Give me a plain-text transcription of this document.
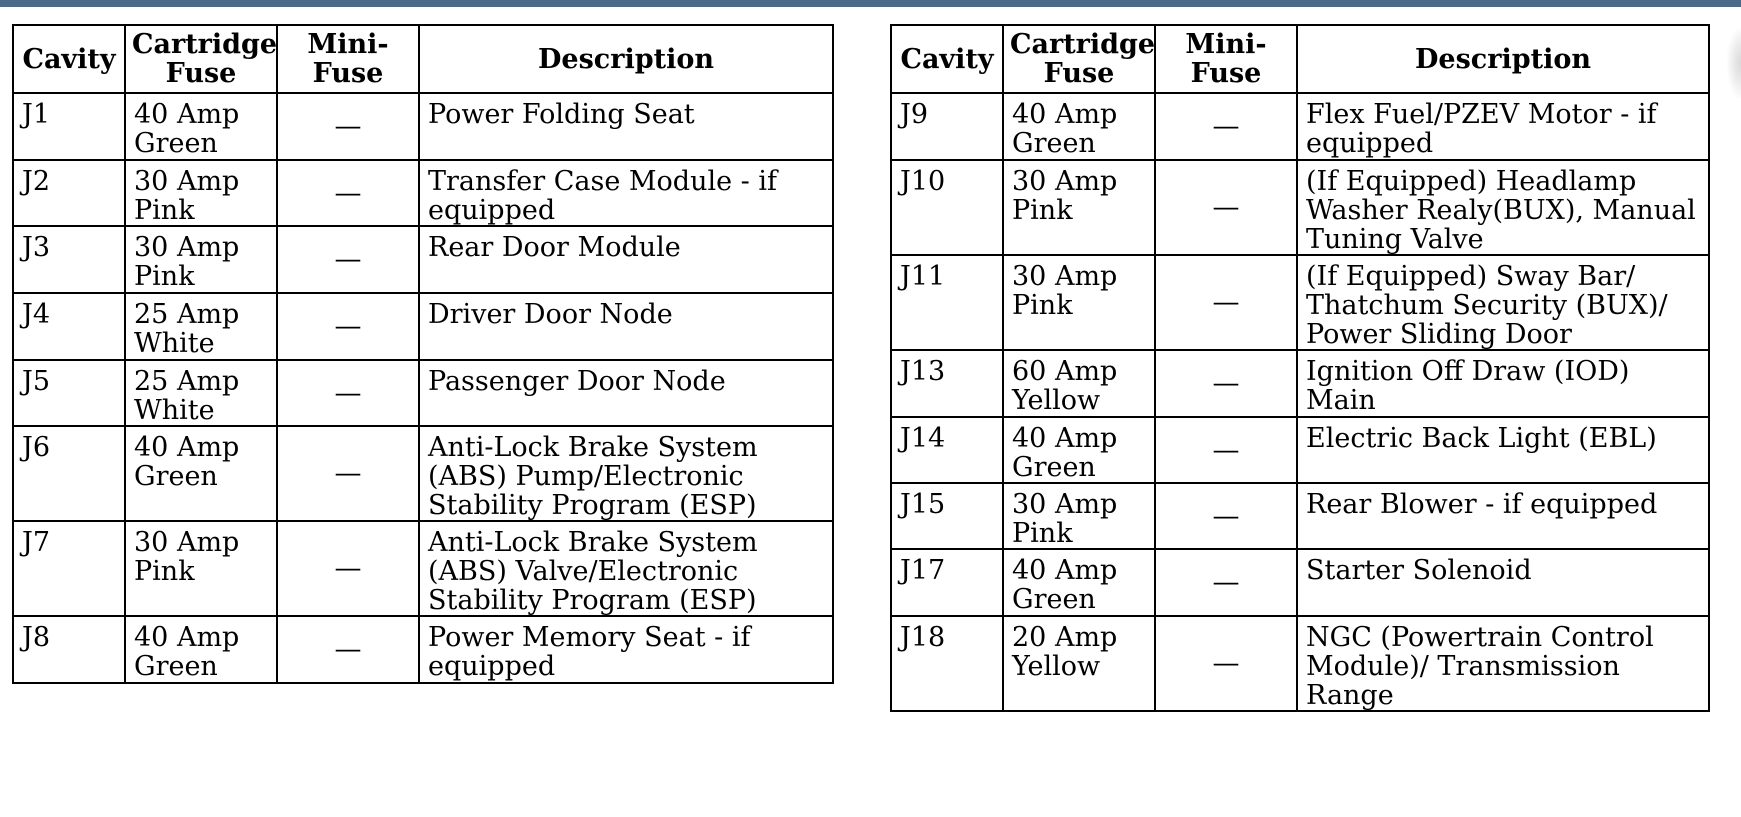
Cavity	Cartridge Fuse	Mini-Fuse	Description
J1	40 Amp Green	—	Power Folding Seat
J2	30 Amp Pink	—	Transfer Case Module - if equipped
J3	30 Amp Pink	—	Rear Door Module
J4	25 Amp White	—	Driver Door Node
J5	25 Amp White	—	Passenger Door Node
J6	40 Amp Green	—	Anti-Lock Brake System (ABS) Pump/Electronic Stability Program (ESP)
J7	30 Amp Pink	—	Anti-Lock Brake System (ABS) Valve/Electronic Stability Program (ESP)
J8	40 Amp Green	—	Power Memory Seat - if equipped
Cavity	Cartridge Fuse	Mini-Fuse	Description
J9	40 Amp Green	—	Flex Fuel/PZEV Motor - if equipped
J10	30 Amp Pink	—	(If Equipped) Headlamp Washer Realy(BUX), Manual Tuning Valve
J11	30 Amp Pink	—	(If Equipped) Sway Bar/ Thatchum Security (BUX)/ Power Sliding Door
J13	60 Amp Yellow	—	Ignition Off Draw (IOD) Main
J14	40 Amp Green	—	Electric Back Light (EBL)
J15	30 Amp Pink	—	Rear Blower - if equipped
J17	40 Amp Green	—	Starter Solenoid
J18	20 Amp Yellow	—	NGC (Powertrain Control Module)/ Transmission Range
